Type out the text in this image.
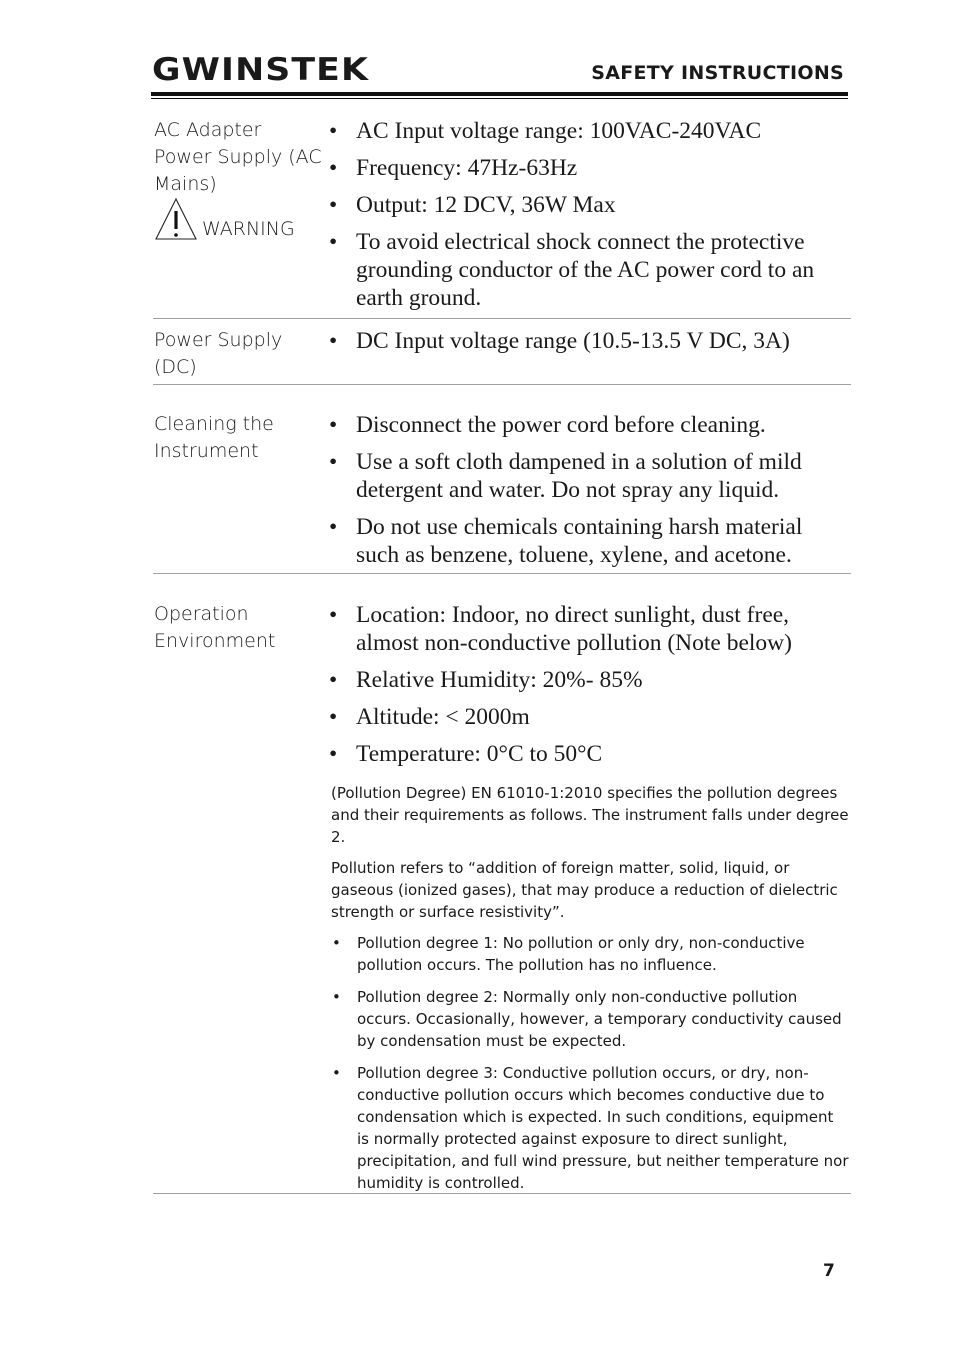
GWINSTEK	SAFETY INSTRUCTIONS
AC Adapter Power Supply (AC Mains)
WARNING
• AC Input voltage range: 100VAC-240VAC
• Frequency: 47Hz-63Hz
• Output: 12 DCV, 36W Max
• To avoid electrical shock connect the protective grounding conductor of the AC power cord to an earth ground.
Power Supply (DC)
• DC Input voltage range (10.5-13.5 V DC, 3A)
Cleaning the Instrument
• Disconnect the power cord before cleaning.
• Use a soft cloth dampened in a solution of mild detergent and water. Do not spray any liquid.
• Do not use chemicals containing harsh material such as benzene, toluene, xylene, and acetone.
Operation Environment
• Location: Indoor, no direct sunlight, dust free, almost non-conductive pollution (Note below)
• Relative Humidity: 20%- 85%
• Altitude: < 2000m
• Temperature: 0°C to 50°C

(Pollution Degree) EN 61010-1:2010 specifies the pollution degrees and their requirements as follows. The instrument falls under degree 2.

Pollution refers to “addition of foreign matter, solid, liquid, or gaseous (ionized gases), that may produce a reduction of dielectric strength or surface resistivity”.

• Pollution degree 1: No pollution or only dry, non-conductive pollution occurs. The pollution has no influence.
• Pollution degree 2: Normally only non-conductive pollution occurs. Occasionally, however, a temporary conductivity caused by condensation must be expected.
• Pollution degree 3: Conductive pollution occurs, or dry, non-conductive pollution occurs which becomes conductive due to condensation which is expected. In such conditions, equipment is normally protected against exposure to direct sunlight, precipitation, and full wind pressure, but neither temperature nor humidity is controlled.
7
